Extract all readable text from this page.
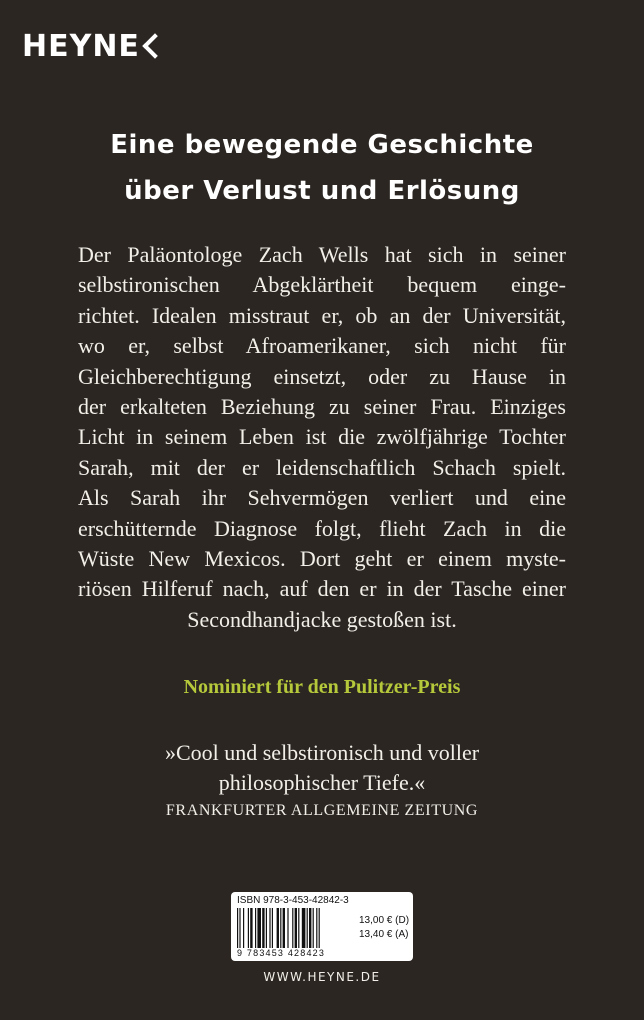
HEYNE
Eine bewegende Geschichte
über Verlust und Erlösung
Der Paläontologe Zach Wells hat sich in seiner
selbstironischen Abgeklärtheit bequem einge-
richtet. Idealen misstraut er, ob an der Universität,
wo er, selbst Afroamerikaner, sich nicht für
Gleichberechtigung einsetzt, oder zu Hause in
der erkalteten Beziehung zu seiner Frau. Einziges
Licht in seinem Leben ist die zwölfjährige Tochter
Sarah, mit der er leidenschaftlich Schach spielt.
Als Sarah ihr Sehvermögen verliert und eine
erschütternde Diagnose folgt, flieht Zach in die
Wüste New Mexicos. Dort geht er einem myste-
riösen Hilferuf nach, auf den er in der Tasche einer
Secondhandjacke gestoßen ist.
Nominiert für den Pulitzer-Preis
»Cool und selbstironisch und voller
philosophischer Tiefe.«
FRANKFURTER ALLGEMEINE ZEITUNG
ISBN 978-3-453-42842-3
9 783453 428423
13,00 € (D)
13,40 € (A)
WWW.HEYNE.DE
